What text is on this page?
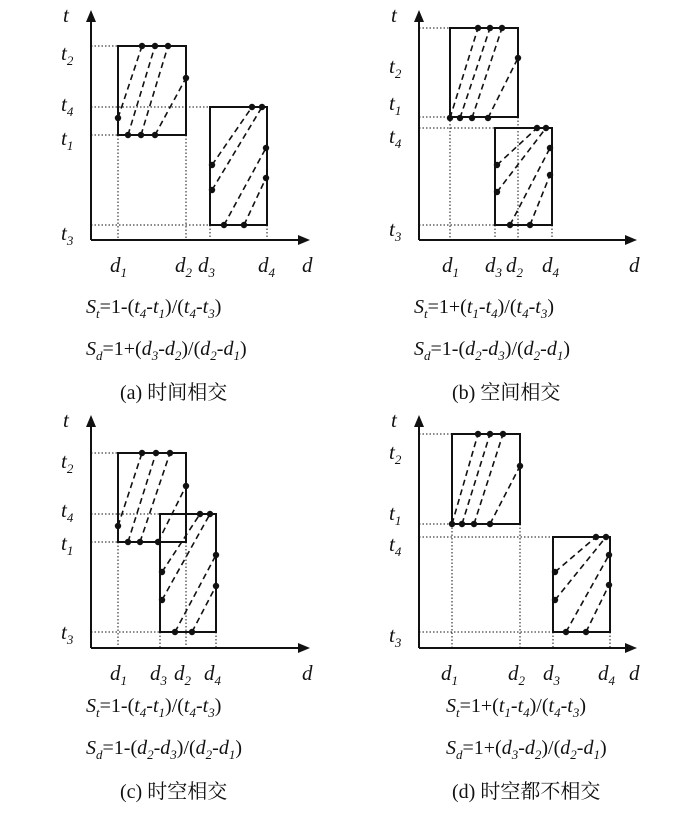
t
d
$t_2$
$t_4$
$t_1$
$t_3$
$d_1$ $d_2$ $d_3$ $d_4$
$S_t=1-(t_4-t_1)/(t_4-t_3)$
$S_d=1+(d_3-d_2)/(d_2-d_1)$
(a) 时间相交
t
d
$t_2$
$t_1$
$t_4$
$t_3$
$d_1$ $d_3$ $d_2$ $d_4$
$S_t=1+(t_1-t_4)/(t_4-t_3)$
$S_d=1-(d_2-d_3)/(d_2-d_1)$
(b) 空间相交
t
d
$t_2$
$t_4$
$t_1$
$t_3$
$d_1$ $d_3$ $d_2$ $d_4$
$S_t=1-(t_4-t_1)/(t_4-t_3)$
$S_d=1-(d_2-d_3)/(d_2-d_1)$
(c) 时空相交
t
d
$t_2$
$t_1$
$t_4$
$t_3$
$d_1$ $d_2$ $d_3$ $d_4$
$S_t=1+(t_1-t_4)/(t_4-t_3)$
$S_d=1+(d_3-d_2)/(d_2-d_1)$
(d) 时空都不相交
